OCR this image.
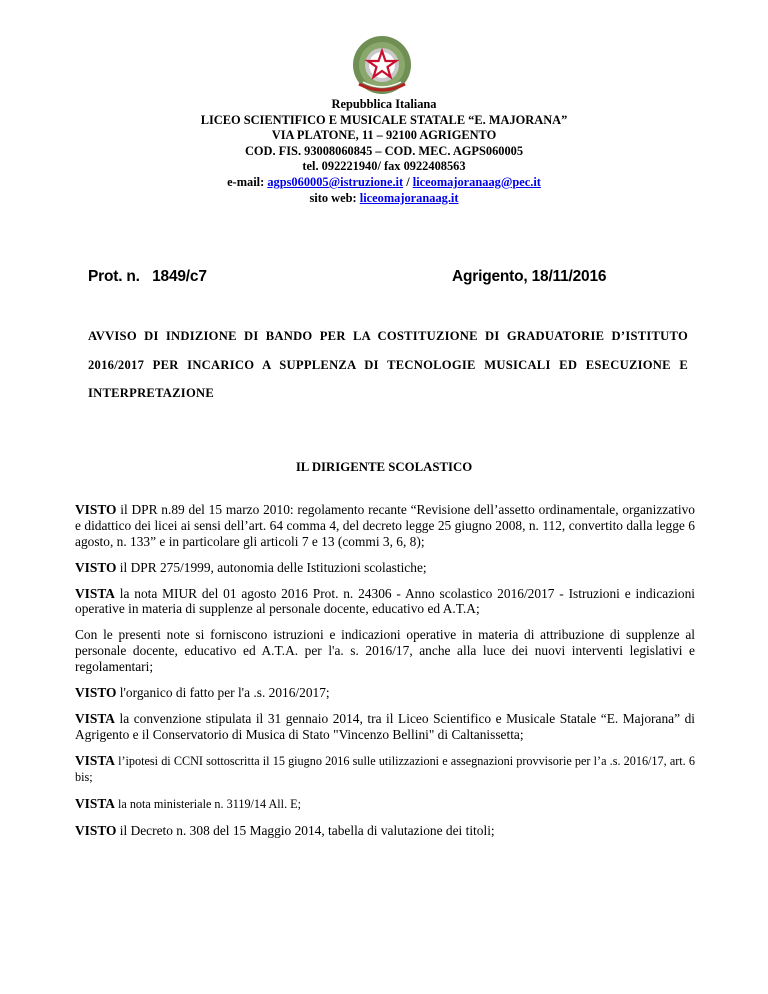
Repubblica Italiana
LICEO SCIENTIFICO E MUSICALE STATALE “E. MAJORANA”
VIA PLATONE, 11 – 92100 AGRIGENTO
COD. FIS. 93008060845 – COD. MEC. AGPS060005
tel. 092221940/ fax 0922408563
e-mail: agps060005@istruzione.it / liceomajoranaag@pec.it
sito web: liceomajoranaag.it
Prot. n.   1849/c7	Agrigento, 18/11/2016
AVVISO DI INDIZIONE DI BANDO PER LA COSTITUZIONE DI GRADUATORIE D’ISTITUTO 2016/2017 PER INCARICO A SUPPLENZA DI TECNOLOGIE MUSICALI ED ESECUZIONE E INTERPRETAZIONE
IL DIRIGENTE SCOLASTICO

VISTO il DPR n.89 del 15 marzo 2010: regolamento recante “Revisione dell’assetto ordinamentale, organizzativo e didattico dei licei ai sensi dell’art. 64 comma 4, del decreto legge 25 giugno 2008, n. 112, convertito dalla legge 6 agosto, n. 133” e in particolare gli articoli 7 e 13 (commi 3, 6, 8);

VISTO il DPR 275/1999, autonomia delle Istituzioni scolastiche;

VISTA la nota MIUR del 01 agosto 2016 Prot. n. 24306 - Anno scolastico 2016/2017 - Istruzioni e indicazioni operative in materia di supplenze al personale docente, educativo ed A.T.A;

Con le presenti note si forniscono istruzioni e indicazioni operative in materia di attribuzione di supplenze al personale docente, educativo ed A.T.A. per l'a. s. 2016/17, anche alla luce dei nuovi interventi legislativi e regolamentari;

VISTO l'organico di fatto per l'a .s. 2016/2017;

VISTA la convenzione stipulata il 31 gennaio 2014, tra il Liceo Scientifico e Musicale Statale “E. Majorana” di Agrigento e il Conservatorio di Musica di Stato "Vincenzo Bellini" di Caltanissetta;

VISTA l’ipotesi di CCNI sottoscritta il 15 giugno 2016 sulle utilizzazioni e assegnazioni provvisorie per l’a .s. 2016/17, art. 6 bis;

VISTA la nota ministeriale n. 3119/14 All. E;

VISTO il Decreto n. 308 del 15 Maggio 2014, tabella di valutazione dei titoli;
